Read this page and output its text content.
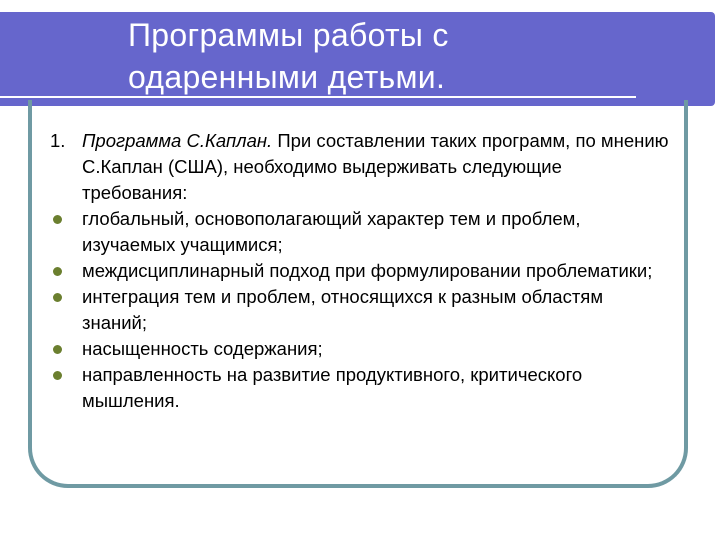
Программы работы с
одаренными детьми.

1. Программа С.Каплан. При составлении таких программ, по мнению С.Каплан (США), необходимо выдерживать следующие требования:

глобальный, основополагающий характер тем и проблем, изучаемых учащимися;
междисциплинарный подход при формулировании проблематики;
интеграция тем и проблем, относящихся к разным областям знаний;
насыщенность содержания;
направленность на развитие продуктивного, критического мышления.
